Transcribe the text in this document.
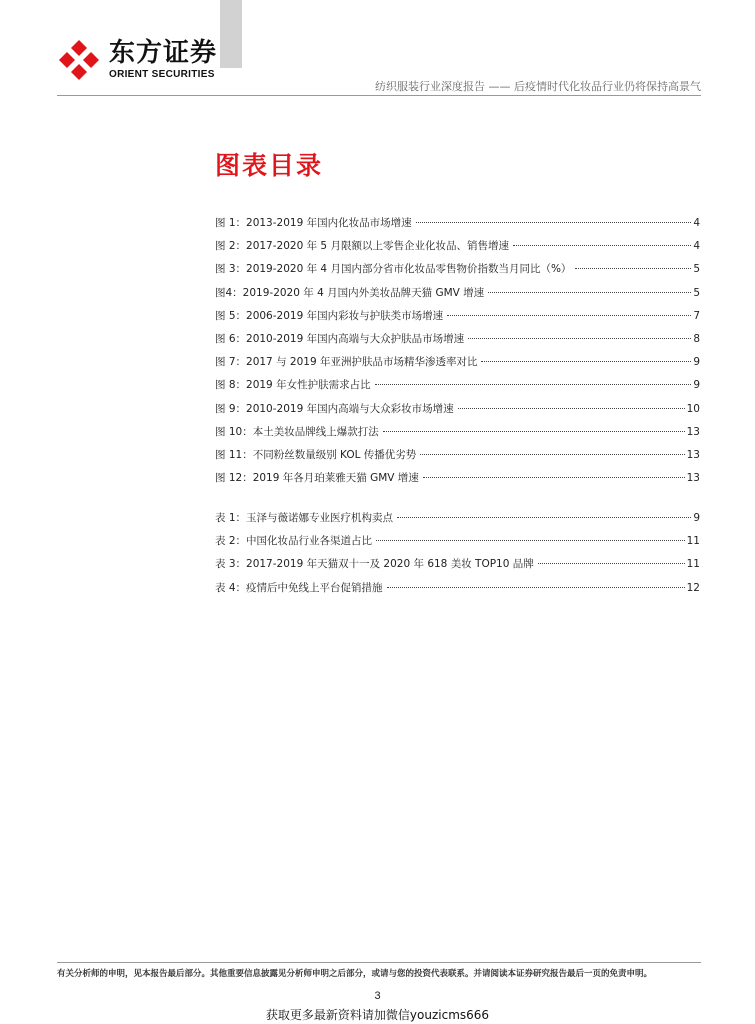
东方证券
ORIENT SECURITIES
纺织服装行业深度报告 —— 后疫情时代化妆品行业仍将保持高景气
图表目录
图 1：2013-2019 年国内化妆品市场增速	4
图 2：2017-2020 年 5 月限额以上零售企业化妆品、销售增速	4
图 3：2019-2020 年 4 月国内部分省市化妆品零售物价指数当月同比（%）	5
图4：2019-2020 年 4 月国内外美妆品牌天猫 GMV 增速	5
图 5：2006-2019 年国内彩妆与护肤类市场增速	7
图 6：2010-2019 年国内高端与大众护肤品市场增速	8
图 7：2017 与 2019 年亚洲护肤品市场精华渗透率对比	9
图 8：2019 年女性护肤需求占比	9
图 9：2010-2019 年国内高端与大众彩妆市场增速	10
图 10：本土美妆品牌线上爆款打法	13
图 11：不同粉丝数量级别 KOL 传播优劣势	13
图 12：2019 年各月珀莱雅天猫 GMV 增速	13
表 1：玉泽与薇诺娜专业医疗机构卖点	9
表 2：中国化妆品行业各渠道占比	11
表 3：2017-2019 年天猫双十一及 2020 年 618 美妆 TOP10 品牌	11
表 4：疫情后中免线上平台促销措施	12
有关分析师的申明，见本报告最后部分。其他重要信息披露见分析师申明之后部分，或请与您的投资代表联系。并请阅读本证券研究报告最后一页的免责申明。
3
获取更多最新资料请加微信youzicms666
